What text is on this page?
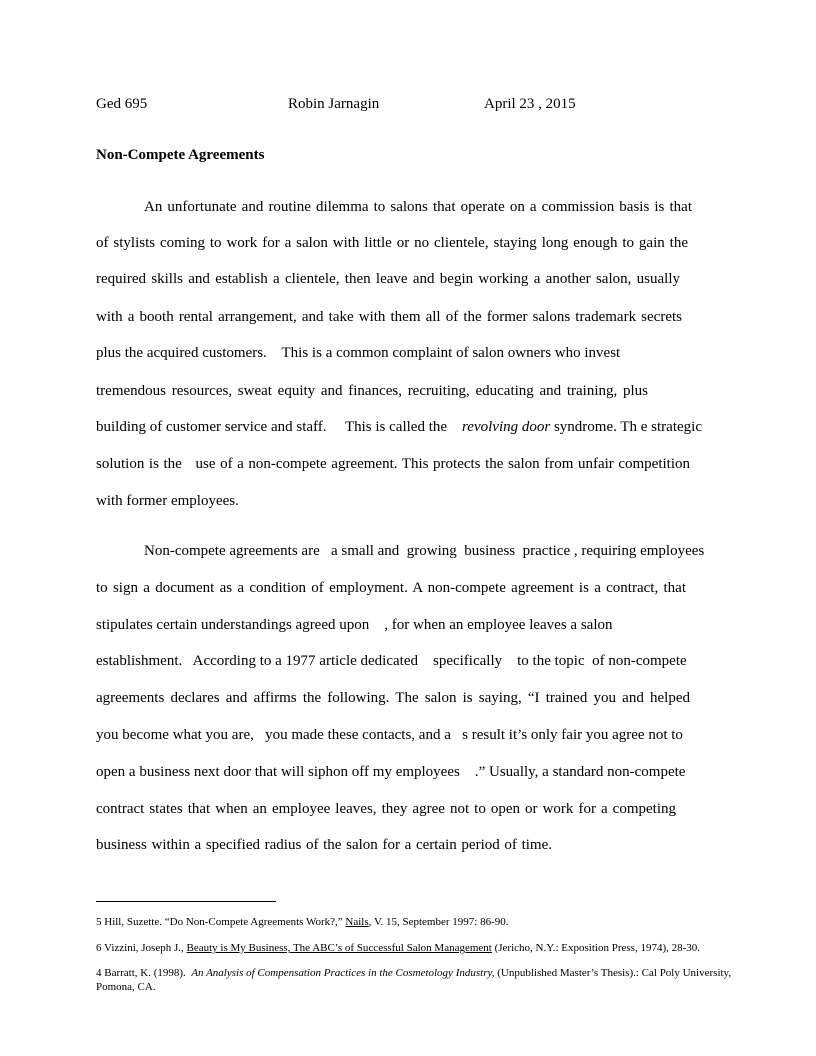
Ged 695	Robin Jarnagin	April 23 , 2015
Non-Compete Agreements
An unfortunate and routine dilemma to salons that operate on a commission basis is that
of stylists coming to work for a salon with little or no clientele, staying long enough to gain the
required skills and establish a clientele, then leave and begin working a another salon, usually
with a booth rental arrangement, and take with them all of the former salons trademark secrets
plus the acquired customers.    This is a common complaint of salon owners who invest
tremendous resources, sweat equity and finances, recruiting, educating and training, plus
building of customer service and staff.     This is called the    revolving door syndrome. Th e strategic
solution is the   use of a non-compete agreement. This protects the salon from unfair competition
with former employees.
Non-compete agreements are   a small and  growing  business  practice , requiring employees
to sign a document as a condition of employment. A non-compete agreement is a contract, that
stipulates certain understandings agreed upon    , for when an employee leaves a salon
establishment.   According to a 1977 article dedicated    specifically    to the topic  of non-compete
agreements declares and affirms the following. The salon is saying, “I trained you and helped
you become what you are,   you made these contacts, and a   s result it’s only fair you agree not to
open a business next door that will siphon off my employees    .” Usually, a standard non-compete
contract states that when an employee leaves, they agree not to open or work for a competing
business within a specified radius of the salon for a certain period of time.
5 Hill, Suzette. “Do Non-Compete Agreements Work?,” Nails, V. 15, September 1997: 86-90.
6 Vizzini, Joseph J., Beauty is My Business, The ABC’s of Successful Salon Management (Jericho, N.Y.: Exposition Press, 1974), 28-30.
4 Barratt, K. (1998).  An Analysis of Compensation Practices in the Cosmetology Industry, (Unpublished Master’s Thesis).: Cal Poly University,
Pomona, CA.
